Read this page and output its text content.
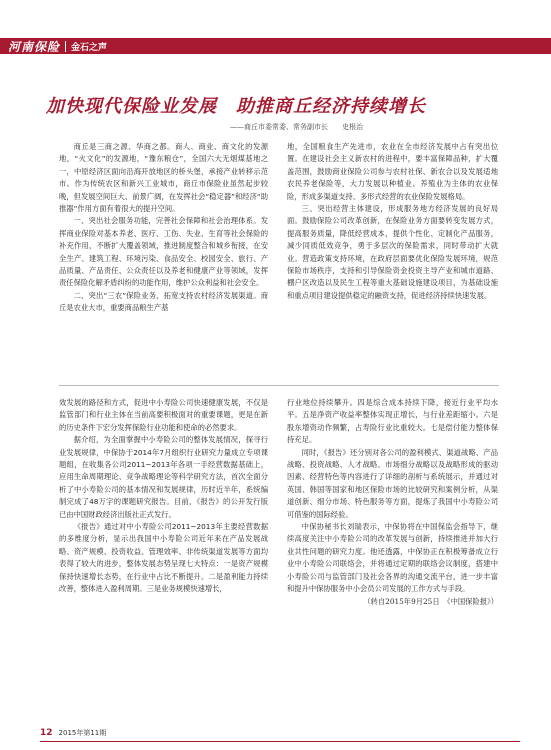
河南保险 金石之声
加快现代保险业发展　助推商丘经济持续增长
——商丘市委常委、常务副市长　　史根治

商丘是三商之源、华商之都。商人、商业、商文化的发源地，“火文化”的发源地，“豫东粮仓”，全国六大无烟煤基地之一，中原经济区面向沿海开放地区的桥头堡，承接产业转移示范市。作为传统农区和新兴工业城市，商丘市保险业虽然起步较晚，但发展空间巨大、前景广阔，在发挥社会“稳定器”和经济“助推器”作用方面有着很大的提升空间。

一、突出社会服务功能，完善社会保障和社会治理体系。发挥商业保险对基本养老、医疗、工伤、失业、生育等社会保险的补充作用，不断扩大覆盖领域，推进制度整合和城乡衔接，在安全生产、建筑工程、环境污染、食品安全、校园安全、旅行、产品质量、产品责任、公众责任以及养老和健康产业等领域，发挥责任保险化解矛盾纠纷的功能作用，维护公众利益和社会安全。

二、突出“三农”保险业务，拓宽支持农村经济发展渠道。商丘是农业大市，重要商品粮生产基

地，全国粮食生产先进市，农业在全市经济发展中占有突出位置。在建设社会主义新农村的进程中，要丰富保障品种，扩大覆盖范围，鼓励商业保险公司参与农村社保、新农合以及发展适地农民养老保险等，大力发展以种植业、养殖业为主体的农业保险，形成多渠道支持、多形式经营的农业保险发展格局。

三、突出经营主体建设，形成服务地方经济发展的良好局面。鼓励保险公司改革创新，在保险业务方面要转变发展方式，提高服务质量，降低经营成本，提供个性化、定制化产品服务，减少同质低效竞争，勇于多层次的保险需求，同时带动扩大就业。营造政策支持环境，在政府层面要优化保险发展环境，规范保险市场秩序，支持和引导保险资金投资主导产业和城市道路、棚户区改造以及民生工程等重大基础设施建设项目，为基础设施和重点项目建设提供稳定的融资支持，促进经济持续快速发展。

效发展的路径和方式，促进中小寿险公司快速健康发展，不仅是监管部门和行业主体在当前高要积极面对的重要课题，更是在新的历史条件下宏分发挥保险行业功能和使命的必然要求。

据介绍，为全面掌握中小寿险公司的整体发展情况，探寻行业发展规律，中保协于2014年7月组织行业研究力量成立专项课题组，在收集各公司2011~2013年各项一手经营数据基础上，应用生命周期理论、竞争战略理论等科学研究方法，首次全面分析了中小寿险公司的基本情况和发展规律，历时近半年，系统编制完成了48万字的课题研究报告。目前，《报告》的公开发行版已由中国财政经济出版社正式发行。

《报告》通过对中小寿险公司2011~2013年主要经营数据的多维度分析，显示出我国中小寿险公司近年来在产品发展战略、资产规模、投资收益、管理效率、非传统渠道发展等方面均表得了较大的进步，整体发展态势呈现七大特点：一是资产规模保持快速增长态势，在行业中占比不断提升。二是盈利能力持续改善，整体进入盈利周期。三是业务规模快速增长，

行业地位持续攀升。四是综合成本持续下降，接近行业平均水平。五是净资产收益率整体实现正增长，与行业差距缩小。六是股东增资动作频繁，占寿险行业比重较大。七是偿付能力整体保持充足。

同时，《报告》还分别对各公司的盈利模式、渠道战略、产品战略、投资战略、人才战略、市场细分战略以及战略形成的驱动因素、经营特色等内容进行了详细的剖析与系统展示，并通过对英国、韩国等国家和地区保险市场的比较研究和案例分析，从渠道创新、细分市场、特色服务等方面，提炼了我国中小寿险公司可借鉴的国际经验。

中保协秘书长刘瑞表示，中保协将在中国保监会指导下，继续高度关注中小寿险公司的改革发展与创新，持续推进并加大行业共性问题的研究力度。他还透露，中保协正在积极筹备成立行业中小寿险公司联络会，并将通过定期的联络会议制度，搭建中小寿险公司与监管部门及社会各界的沟通交流平台，进一步丰富和提升中保协服务中小会员公司发展的工作方式与手段。

（转自2015年9月25日　《中国保险报》）

12 2015年第11期
